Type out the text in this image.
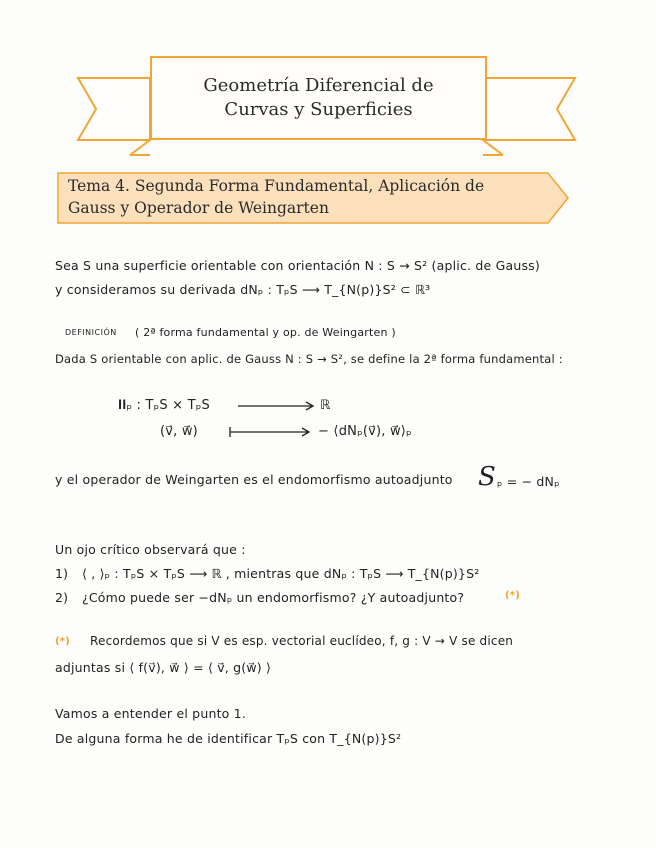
Geometría Diferencial de
Curvas y Superficies
Tema 4. Segunda Forma Fundamental, Aplicación de
Gauss y Operador de Weingarten
Sea S una superficie orientable con orientación N : S → S² (aplic. de Gauss)
y consideramos su derivada dNₚ : TₚS ⟶ T_{N(p)}S² ⊂ ℝ³
DEFINICIÓN ( 2ª forma fundamental y op. de Weingarten )
Dada S orientable con aplic. de Gauss N : S → S², se define la 2ª forma fundamental :
𝐈𝐈ₚ : TₚS × TₚS	ℝ
(v⃗, w⃗)	− ⟨dNₚ(v⃗), w⃗⟩ₚ
y el operador de Weingarten es el endomorfismo autoadjunto S ₚ = − dNₚ
Un ojo crítico observará que :
1) ⟨ , ⟩ₚ : TₚS × TₚS ⟶ ℝ , mientras que dNₚ : TₚS ⟶ T_{N(p)}S²
2) ¿Cómo puede ser −dNₚ un endomorfismo? ¿Y autoadjunto?	(*)
(*) Recordemos que si V es esp. vectorial euclídeo, f, g : V → V se dicen
adjuntas si ⟨ f(v⃗), w⃗ ⟩ = ⟨ v⃗, g(w⃗) ⟩
Vamos a entender el punto 1.
De alguna forma he de identificar TₚS con T_{N(p)}S²
